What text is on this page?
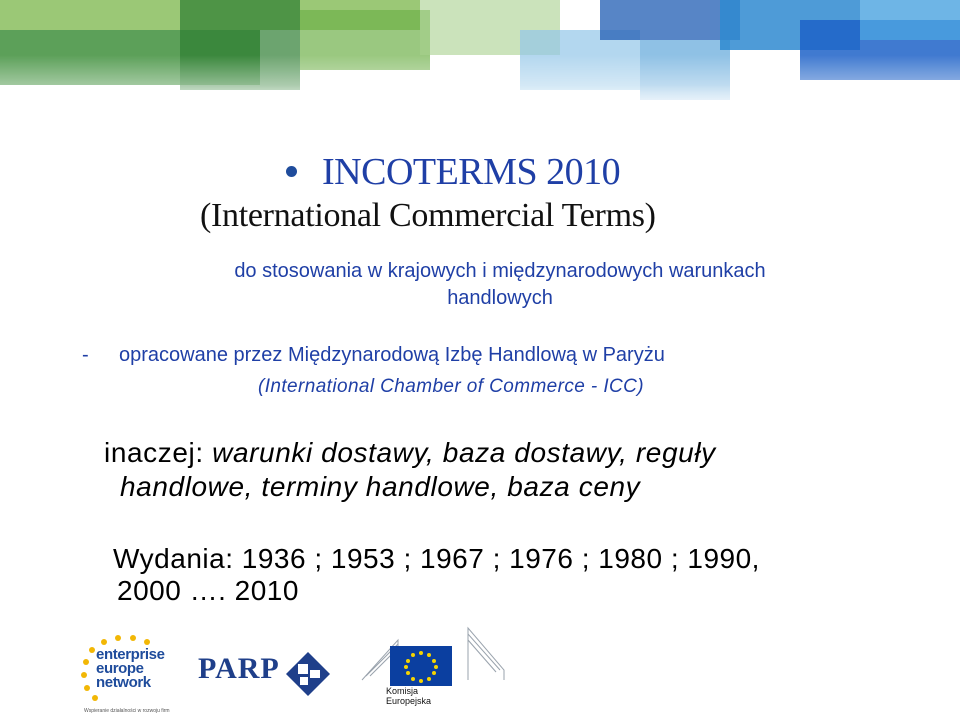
INCOTERMS 2010
(International Commercial Terms)
do stosowania w krajowych i międzynarodowych warunkach
handlowych
- opracowane przez Międzynarodową Izbę Handlową w Paryżu
(International Chamber of Commerce - ICC)
inaczej: warunki dostawy, baza dostawy, reguły
handlowe, terminy handlowe, baza ceny
Wydania: 1936 ; 1953 ; 1967 ; 1976 ; 1980 ; 1990,
2000 …. 2010
enterprise
europe
network
Wspieranie działalności w rozwoju firm
PARP
Komisja
Europejska
